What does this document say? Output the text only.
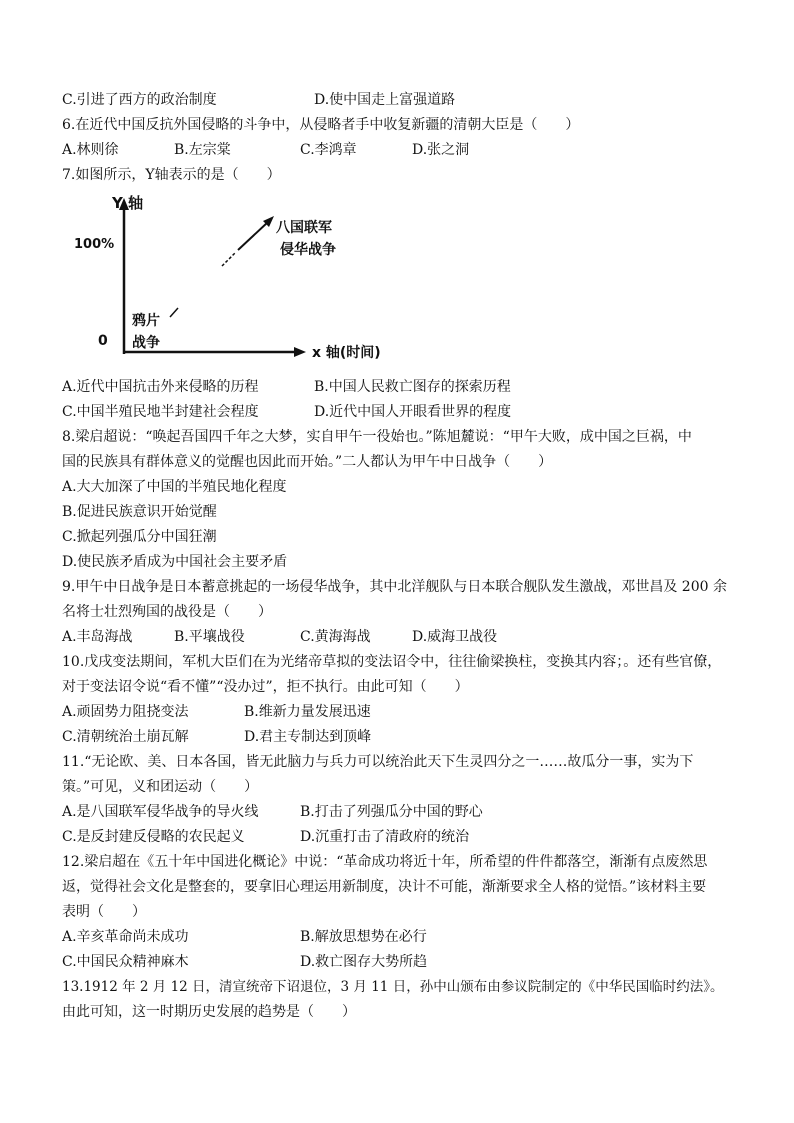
C.引进了西方的政治制度	D.使中国走上富强道路
6.在近代中国反抗外国侵略的斗争中，从侵略者手中收复新疆的清朝大臣是（　　）
A.林则徐	B.左宗棠	C.李鸿章	D.张之洞
7.如图所示，Y轴表示的是（　　）
Y 轴
100%
0
x 轴(时间)
鸦片
战争
八国联军
侵华战争
A.近代中国抗击外来侵略的历程	B.中国人民救亡图存的探索历程
C.中国半殖民地半封建社会程度	D.近代中国人开眼看世界的程度
8.梁启超说：“唤起吾国四千年之大梦，实自甲午一役始也。”陈旭麓说：“甲午大败，成中国之巨祸，中
国的民族具有群体意义的觉醒也因此而开始。”二人都认为甲午中日战争（　　）
A.大大加深了中国的半殖民地化程度
B.促进民族意识开始觉醒
C.掀起列强瓜分中国狂潮
D.使民族矛盾成为中国社会主要矛盾
9.甲午中日战争是日本蓄意挑起的一场侵华战争，其中北洋舰队与日本联合舰队发生激战，邓世昌及 200 余
名将士壮烈殉国的战役是（　　）
A.丰岛海战	B.平壤战役	C.黄海海战	D.威海卫战役
10.戊戌变法期间，军机大臣们在为光绪帝草拟的变法诏令中，往往偷梁换柱，变换其内容；。还有些官僚，
对于变法诏令说“看不懂”“没办过”，拒不执行。由此可知（　　）
A.顽固势力阻挠变法	B.维新力量发展迅速
C.清朝统治土崩瓦解	D.君主专制达到顶峰
11.“无论欧、美、日本各国，皆无此脑力与兵力可以统治此天下生灵四分之一……故瓜分一事，实为下
策。”可见，义和团运动（　　）
A.是八国联军侵华战争的导火线	B.打击了列强瓜分中国的野心
C.是反封建反侵略的农民起义	D.沉重打击了清政府的统治
12.梁启超在《五十年中国进化概论》中说：“革命成功将近十年，所希望的件件都落空，渐渐有点废然思
返，觉得社会文化是整套的，要拿旧心理运用新制度，决计不可能，渐渐要求全人格的觉悟。”该材料主要
表明（　　）
A.辛亥革命尚未成功	B.解放思想势在必行
C.中国民众精神麻木	D.救亡图存大势所趋
13.1912 年 2 月 12 日，清宣统帝下诏退位，3 月 11 日，孙中山颁布由参议院制定的《中华民国临时约法》。
由此可知，这一时期历史发展的趋势是（　　）
